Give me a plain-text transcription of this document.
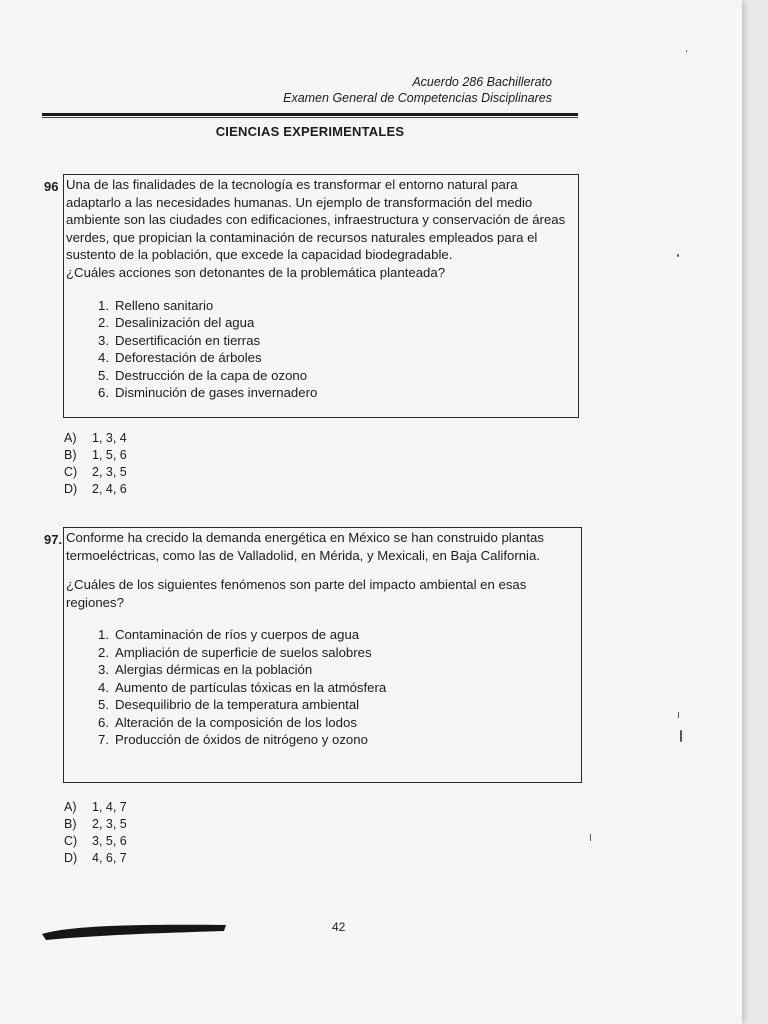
Acuerdo 286 Bachillerato
Examen General de Competencias Disciplinares
CIENCIAS EXPERIMENTALES
96 Una de las finalidades de la tecnología es transformar el entorno natural para adaptarlo a las necesidades humanas. Un ejemplo de transformación del medio ambiente son las ciudades con edificaciones, infraestructura y conservación de áreas verdes, que propician la contaminación de recursos naturales empleados para el sustento de la población, que excede la capacidad biodegradable.

¿Cuáles acciones son detonantes de la problemática planteada?

1. Relleno sanitario
2. Desalinización del agua
3. Desertificación en tierras
4. Deforestación de árboles
5. Destrucción de la capa de ozono
6. Disminución de gases invernadero
A)	1, 3, 4
B)	1, 5, 6
C)	2, 3, 5
D)	2, 4, 6
97. Conforme ha crecido la demanda energética en México se han construido plantas termoeléctricas, como las de Valladolid, en Mérida, y Mexicali, en Baja California.

¿Cuáles de los siguientes fenómenos son parte del impacto ambiental en esas regiones?

1. Contaminación de ríos y cuerpos de agua
2. Ampliación de superficie de suelos salobres
3. Alergias dérmicas en la población
4. Aumento de partículas tóxicas en la atmósfera
5. Desequilibrio de la temperatura ambiental
6. Alteración de la composición de los lodos
7. Producción de óxidos de nitrógeno y ozono
A)	1, 4, 7
B)	2, 3, 5
C)	3, 5, 6
D)	4, 6, 7
42
